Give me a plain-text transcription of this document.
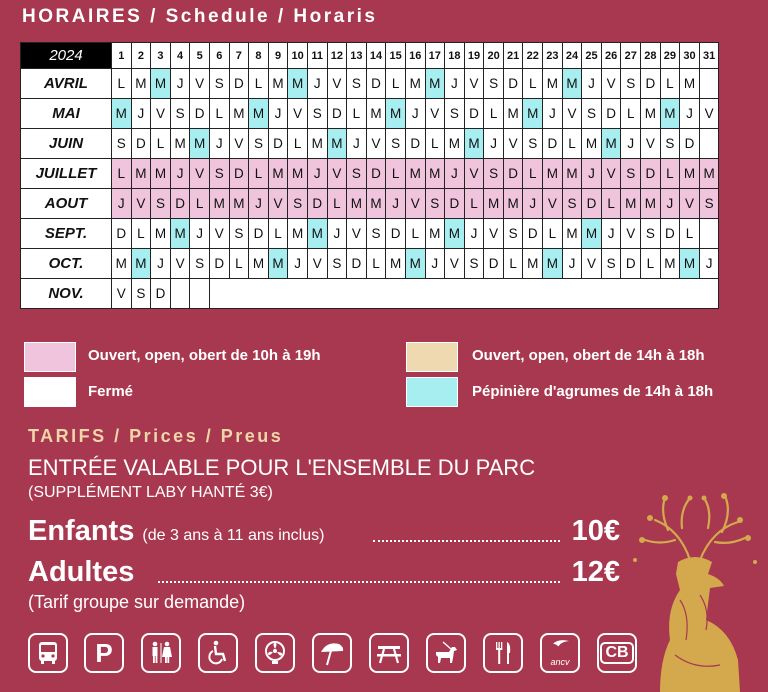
HORAIRES / Schedule / Horaris
2024	1	2	3	4	5	6	7	8	9	10	11	12	13	14	15	16	17	18	19	20	21	22	23	24	25	26	27	28	29	30	31
AVRIL	L	M	M	J	V	S	D	L	M	M	J	V	S	D	L	M	M	J	V	S	D	L	M	M	J	V	S	D	L	M	
MAI	M	J	V	S	D	L	M	M	J	V	S	D	L	M	M	J	V	S	D	L	M	M	J	V	S	D	L	M	M	J	V
JUIN	S	D	L	M	M	J	V	S	D	L	M	M	J	V	S	D	L	M	M	J	V	S	D	L	M	M	J	V	S	D	
JUILLET	L	M	M	J	V	S	D	L	M	M	J	V	S	D	L	M	M	J	V	S	D	L	M	M	J	V	S	D	L	M	M
AOUT	J	V	S	D	L	M	M	J	V	S	D	L	M	M	J	V	S	D	L	M	M	J	V	S	D	L	M	M	J	V	S
SEPT.	D	L	M	M	J	V	S	D	L	M	M	J	V	S	D	L	M	M	J	V	S	D	L	M	M	J	V	S	D	L	
OCT.	M	M	J	V	S	D	L	M	M	J	V	S	D	L	M	M	J	V	S	D	L	M	M	J	V	S	D	L	M	M	J
NOV.	V	S	D																												
Ouvert, open, obert de 10h à 19h	Ouvert, open, obert de 14h à 18h
Fermé	Pépinière d'agrumes de 14h à 18h
TARIFS / Prices / Preus
ENTRÉE VALABLE POUR L'ENSEMBLE DU PARC
(SUPPLÉMENT LABY HANTÉ 3€)
Enfants (de 3 ans à 11 ans inclus)	10€
Adultes	12€
(Tarif groupe sur demande)
P	ancv
CB
